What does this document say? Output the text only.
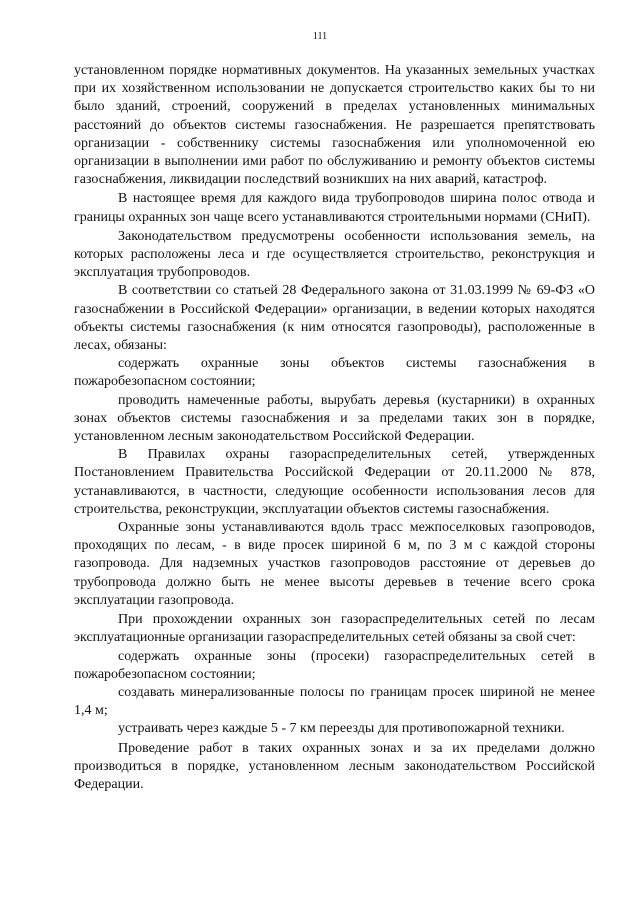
111

установленном порядке нормативных документов. На указанных земельных участках при их хозяйственном использовании не допускается строительство каких бы то ни было зданий, строений, сооружений в пределах установленных минимальных расстояний до объектов системы газоснабжения. Не разрешается препятствовать организации - собственнику системы газоснабжения или уполномоченной ею организации в выполнении ими работ по обслуживанию и ремонту объектов системы газоснабжения, ликвидации последствий возникших на них аварий, катастроф.

В настоящее время для каждого вида трубопроводов ширина полос отвода и границы охранных зон чаще всего устанавливаются строительными нормами (СНиП).

Законодательством предусмотрены особенности использования земель, на которых расположены леса и где осуществляется строительство, реконструкция и эксплуатация трубопроводов.

В соответствии со статьей 28 Федерального закона от 31.03.1999 № 69-ФЗ «О газоснабжении в Российской Федерации» организации, в ведении которых находятся объекты системы газоснабжения (к ним относятся газопроводы), расположенные в лесах, обязаны:

содержать охранные зоны объектов системы газоснабжения в пожаробезопасном состоянии;

проводить намеченные работы, вырубать деревья (кустарники) в охранных зонах объектов системы газоснабжения и за пределами таких зон в порядке, установленном лесным законодательством Российской Федерации.

В Правилах охраны газораспределительных сетей, утвержденных Постановлением Правительства Российской Федерации от 20.11.2000 № 878, устанавливаются, в частности, следующие особенности использования лесов для строительства, реконструкции, эксплуатации объектов системы газоснабжения.

Охранные зоны устанавливаются вдоль трасс межпоселковых газопроводов, проходящих по лесам, - в виде просек шириной 6 м, по 3 м с каждой стороны газопровода. Для надземных участков газопроводов расстояние от деревьев до трубопровода должно быть не менее высоты деревьев в течение всего срока эксплуатации газопровода.

При прохождении охранных зон газораспределительных сетей по лесам эксплуатационные организации газораспределительных сетей обязаны за свой счет:

содержать охранные зоны (просеки) газораспределительных сетей в пожаробезопасном состоянии;

создавать минерализованные полосы по границам просек шириной не менее 1,4 м;

устраивать через каждые 5 - 7 км переезды для противопожарной техники.

Проведение работ в таких охранных зонах и за их пределами должно производиться в порядке, установленном лесным законодательством Российской Федерации.
